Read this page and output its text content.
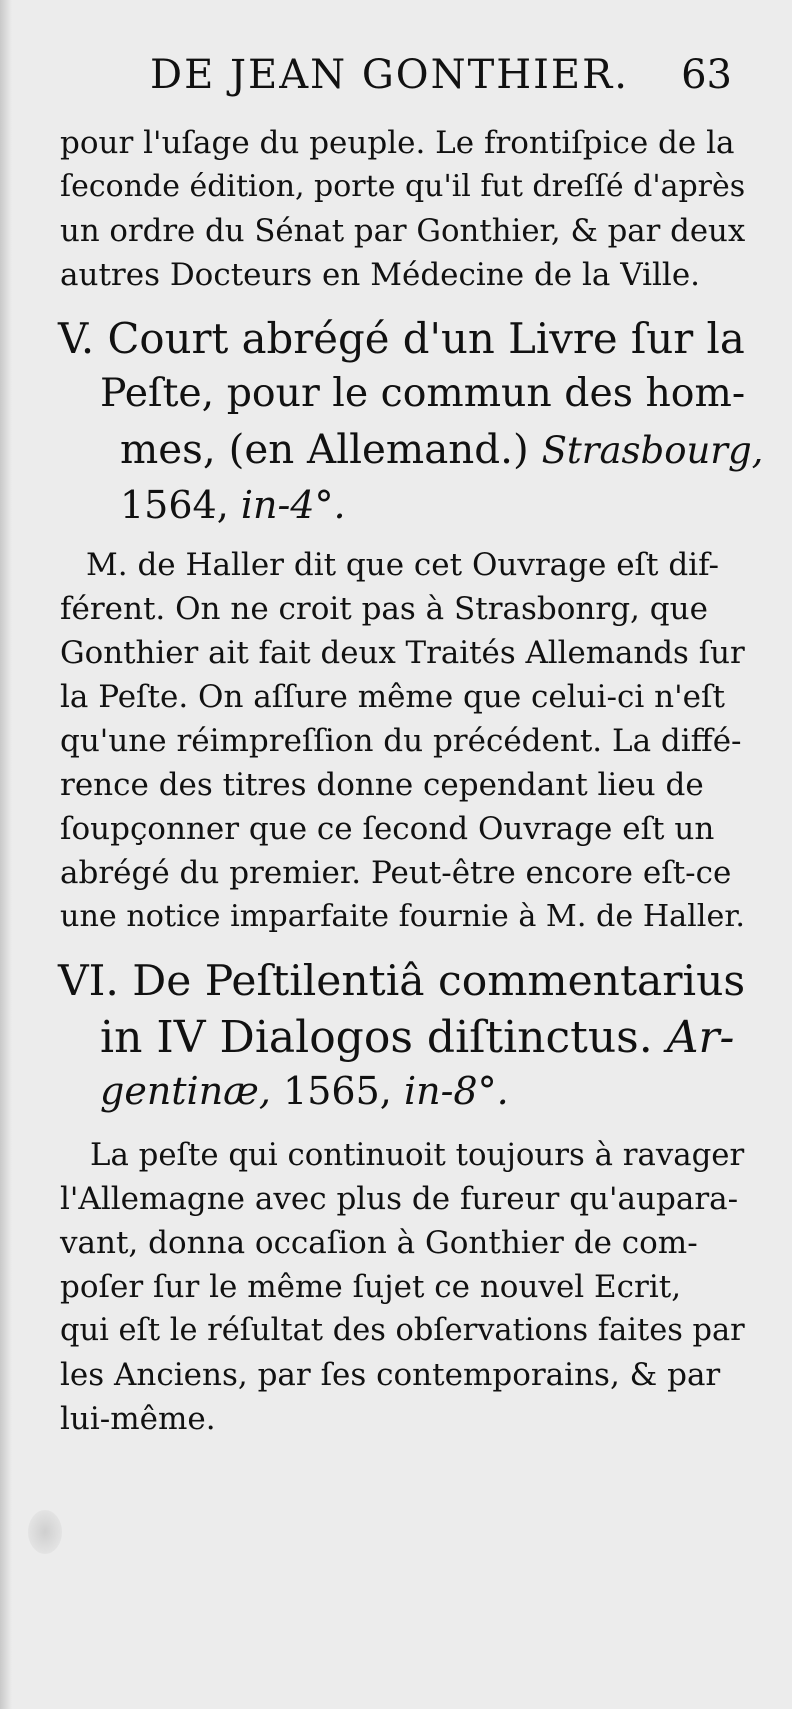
DE JEAN GONTHIER. 63
pour l'uſage du peuple. Le frontiſpice de la
ſeconde édition, porte qu'il fut dreſſé d'après
un ordre du Sénat par Gonthier, & par deux
autres Docteurs en Médecine de la Ville.
V. Court abrégé d'un Livre ſur la
Peſte, pour le commun des hom-
mes, (en Allemand.) Strasbourg,
1564, in-4°.
M. de Haller dit que cet Ouvrage eſt dif-
férent. On ne croit pas à Strasbonrg, que
Gonthier ait fait deux Traités Allemands ſur
la Peſte. On aſſure même que celui-ci n'eſt
qu'une réimpreſſion du précédent. La diffé-
rence des titres donne cependant lieu de
ſoupçonner que ce ſecond Ouvrage eſt un
abrégé du premier. Peut-être encore eſt-ce
une notice imparfaite fournie à M. de Haller.
VI. De Peſtilentiâ commentarius
in IV Dialogos diſtinctus. Ar-
gentinæ, 1565, in-8°.
La peſte qui continuoit toujours à ravager
l'Allemagne avec plus de fureur qu'aupara-
vant, donna occaſion à Gonthier de com-
poſer ſur le même ſujet ce nouvel Ecrit,
qui eſt le réſultat des obſervations faites par
les Anciens, par ſes contemporains, & par
lui-même.
